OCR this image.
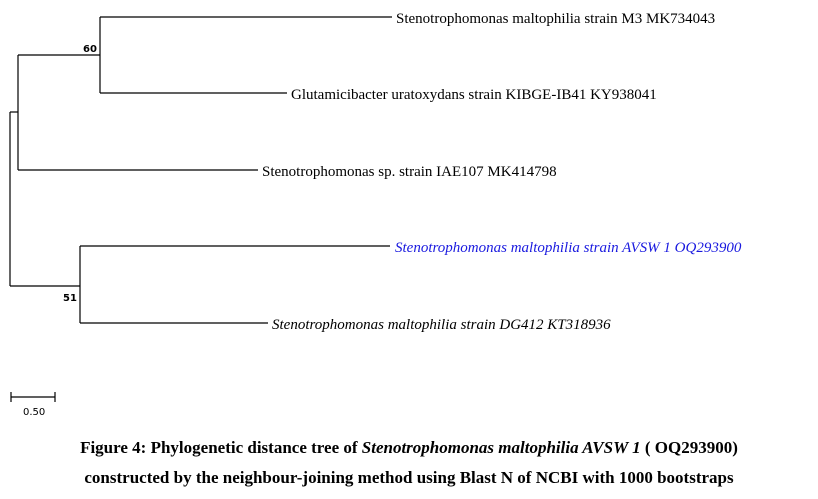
Stenotrophomonas maltophilia strain M3 MK734043
Glutamicibacter uratoxydans strain KIBGE-IB41 KY938041
Stenotrophomonas sp. strain IAE107 MK414798
Stenotrophomonas maltophilia strain AVSW 1 OQ293900
Stenotrophomonas maltophilia strain DG412 KT318936
60
51
0.50
Figure 4: Phylogenetic distance tree of Stenotrophomonas maltophilia AVSW 1 ( OQ293900)
constructed by the neighbour-joining method using Blast N of NCBI with 1000 bootstraps
